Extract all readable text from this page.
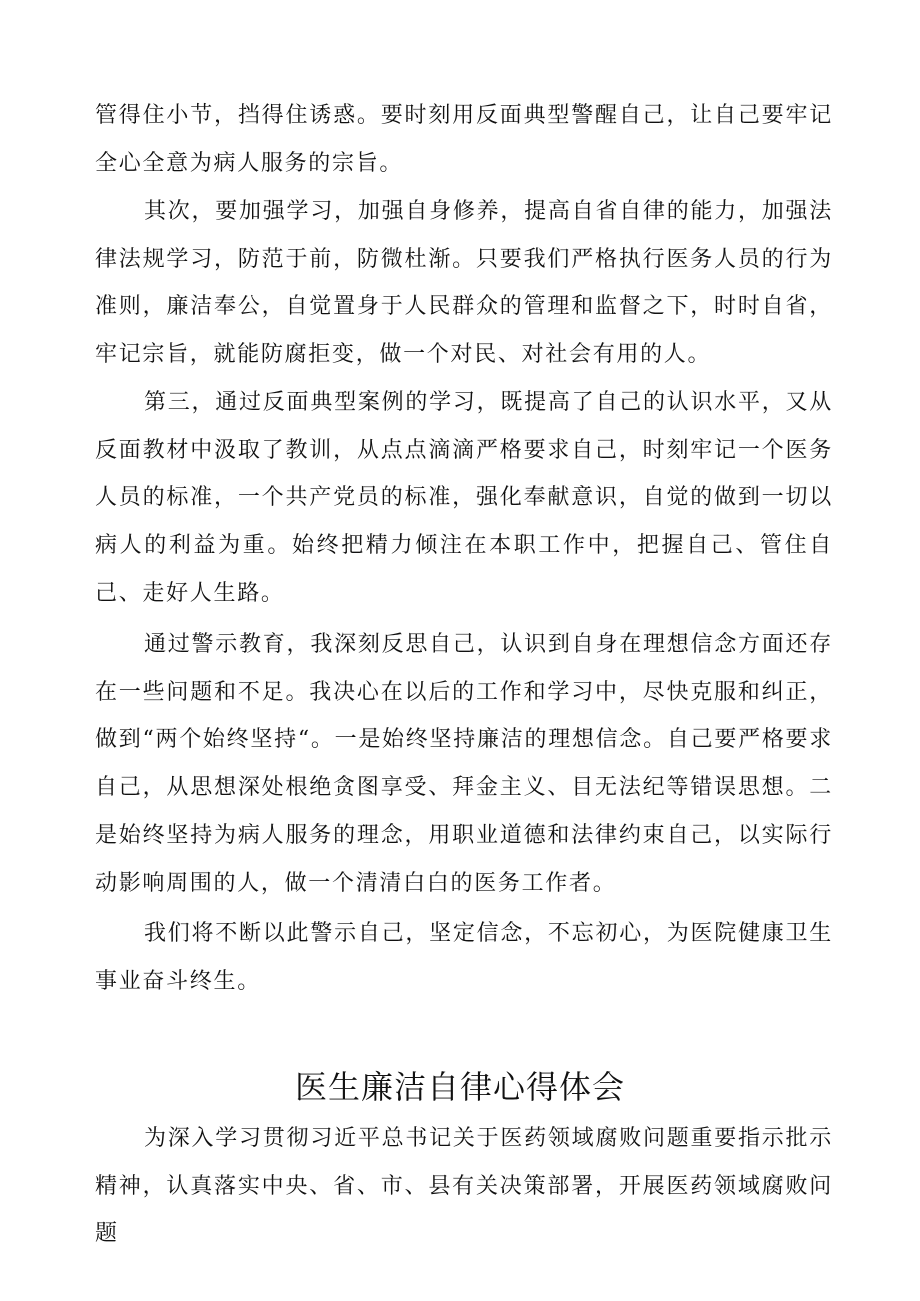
管得住小节，挡得住诱惑。要时刻用反面典型警醒自己，让自己要牢记全心全意为病人服务的宗旨。

其次，要加强学习，加强自身修养，提高自省自律的能力，加强法律法规学习，防范于前，防微杜渐。只要我们严格执行医务人员的行为准则，廉洁奉公，自觉置身于人民群众的管理和监督之下，时时自省，牢记宗旨，就能防腐拒变，做一个对民、对社会有用的人。

第三，通过反面典型案例的学习，既提高了自己的认识水平，又从反面教材中汲取了教训，从点点滴滴严格要求自己，时刻牢记一个医务人员的标准，一个共产党员的标准，强化奉献意识，自觉的做到一切以病人的利益为重。始终把精力倾注在本职工作中，把握自己、管住自己、走好人生路。

通过警示教育，我深刻反思自己，认识到自身在理想信念方面还存在一些问题和不足。我决心在以后的工作和学习中，尽快克服和纠正，做到“两个始终坚持“。一是始终坚持廉洁的理想信念。自己要严格要求自己，从思想深处根绝贪图享受、拜金主义、目无法纪等错误思想。二是始终坚持为病人服务的理念，用职业道德和法律约束自己，以实际行动影响周围的人，做一个清清白白的医务工作者。

我们将不断以此警示自己，坚定信念，不忘初心，为医院健康卫生事业奋斗终生。

医生廉洁自律心得体会

为深入学习贯彻习近平总书记关于医药领域腐败问题重要指示批示精神，认真落实中央、省、市、县有关决策部署，开展医药领域腐败问题
